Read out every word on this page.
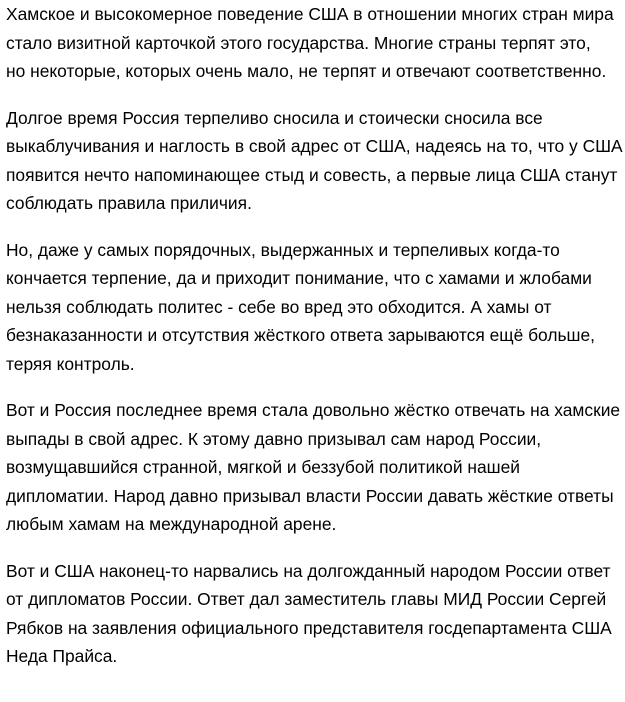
Хамское и высокомерное поведение США в отношении многих стран мира
стало визитной карточкой этого государства. Многие страны терпят это,
но некоторые, которых очень мало, не терпят и отвечают соответственно.

Долгое время Россия терпеливо сносила и стоически сносила все
выкаблучивания и наглость в свой адрес от США, надеясь на то, что у США
появится нечто напоминающее стыд и совесть, а первые лица США станут
соблюдать правила приличия.

Но, даже у самых порядочных, выдержанных и терпеливых когда-то
кончается терпение, да и приходит понимание, что с хамами и жлобами
нельзя соблюдать политес - себе во вред это обходится. А хамы от
безнаказанности и отсутствия жёсткого ответа зарываются ещё больше,
теряя контроль.

Вот и Россия последнее время стала довольно жёстко отвечать на хамские
выпады в свой адрес. К этому давно призывал сам народ России,
возмущавшийся странной, мягкой и беззубой политикой нашей
дипломатии. Народ давно призывал власти России давать жёсткие ответы
любым хамам на международной арене.

Вот и США наконец-то нарвались на долгожданный народом России ответ
от дипломатов России. Ответ дал заместитель главы МИД России Сергей
Рябков на заявления официального представителя госдепартамента США
Неда Прайса.
